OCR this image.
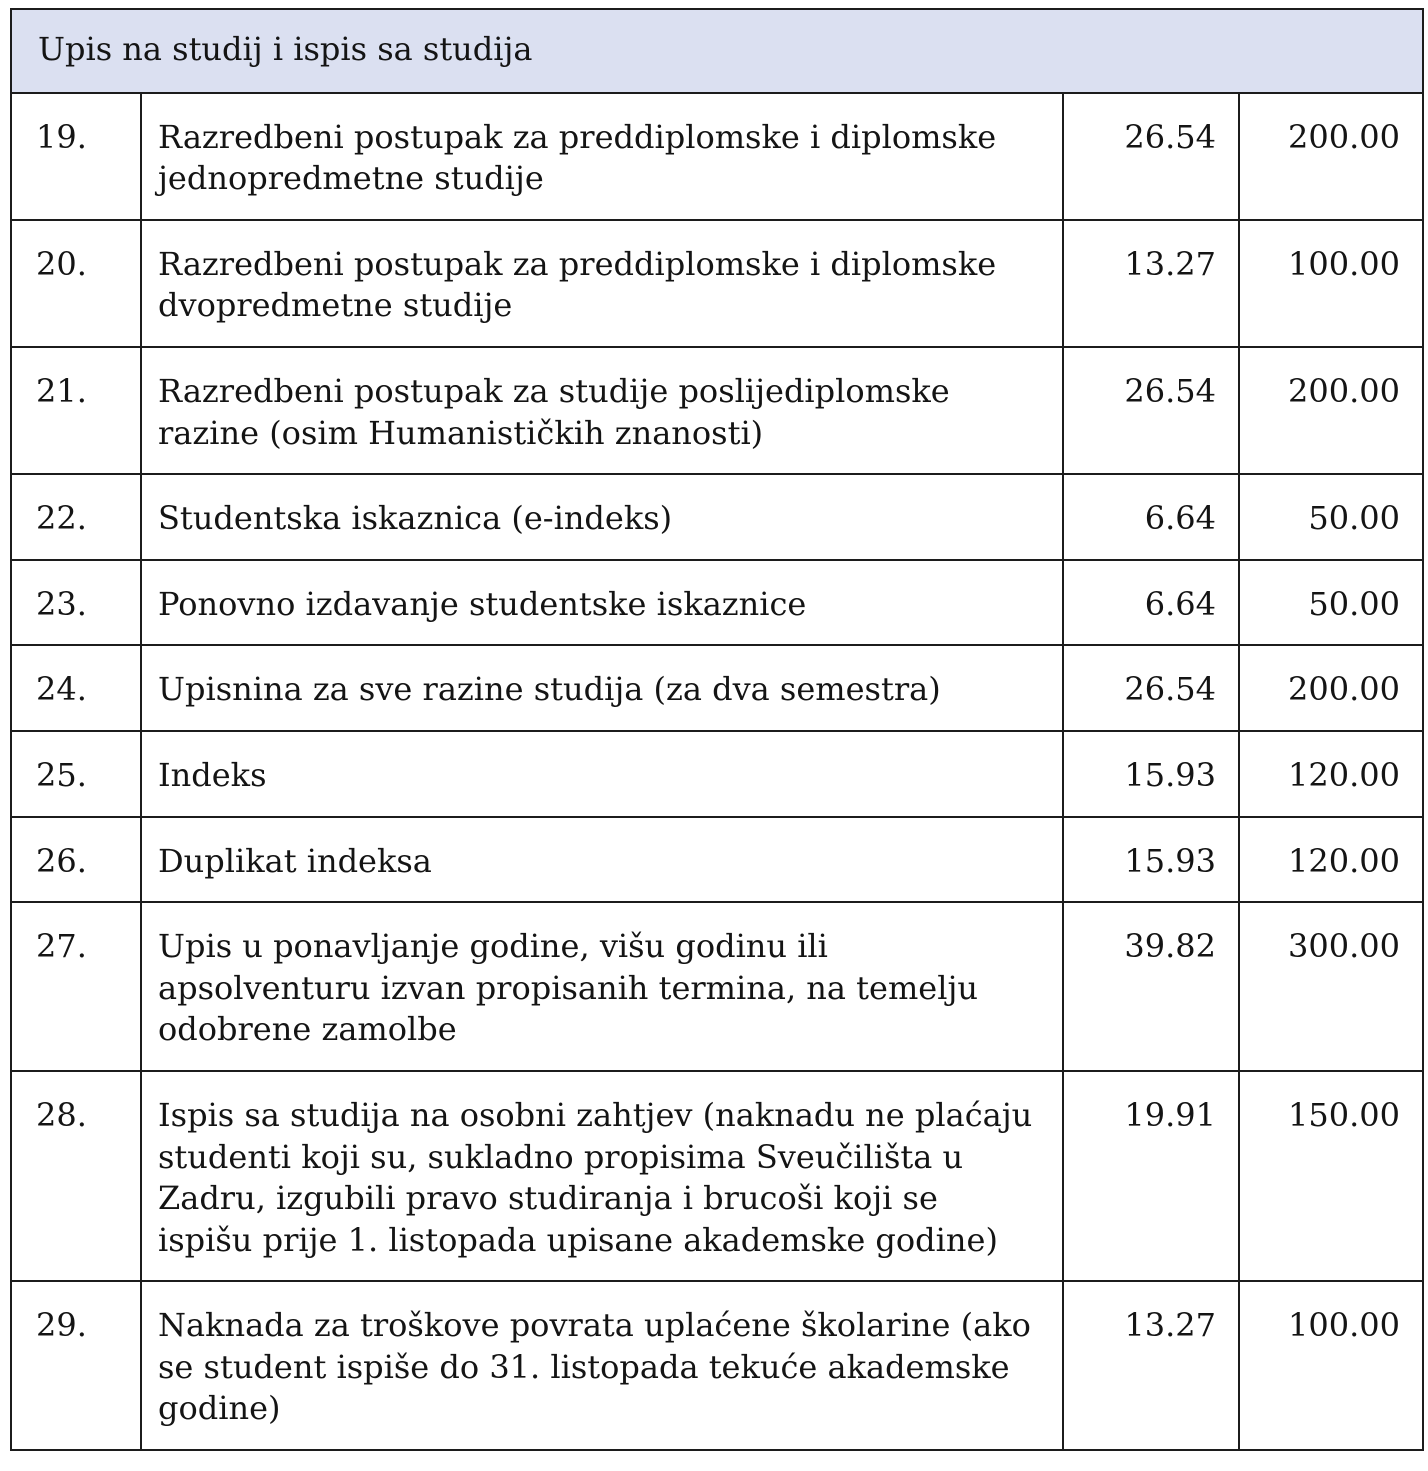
Upis na studij i ispis sa studija			
19.	Razredbeni postupak za preddiplomske i diplomske jednopredmetne studije	26.54	200.00
20.	Razredbeni postupak za preddiplomske i diplomske dvopredmetne studije	13.27	100.00
21.	Razredbeni postupak za studije poslijediplomske razine (osim Humanističkih znanosti)	26.54	200.00
22.	Studentska iskaznica (e-indeks)	6.64	50.00
23.	Ponovno izdavanje studentske iskaznice	6.64	50.00
24.	Upisnina za sve razine studija (za dva semestra)	26.54	200.00
25.	Indeks	15.93	120.00
26.	Duplikat indeksa	15.93	120.00
27.	Upis u ponavljanje godine, višu godinu ili apsolventuru izvan propisanih termina, na temelju odobrene zamolbe	39.82	300.00
28.	Ispis sa studija na osobni zahtjev (naknadu ne plaćaju studenti koji su, sukladno propisima Sveučilišta u Zadru, izgubili pravo studiranja i brucoši koji se ispišu prije 1. listopada upisane akademske godine)	19.91	150.00
29.	Naknada za troškove povrata uplaćene školarine (ako se student ispiše do 31. listopada tekuće akademske godine)	13.27	100.00
